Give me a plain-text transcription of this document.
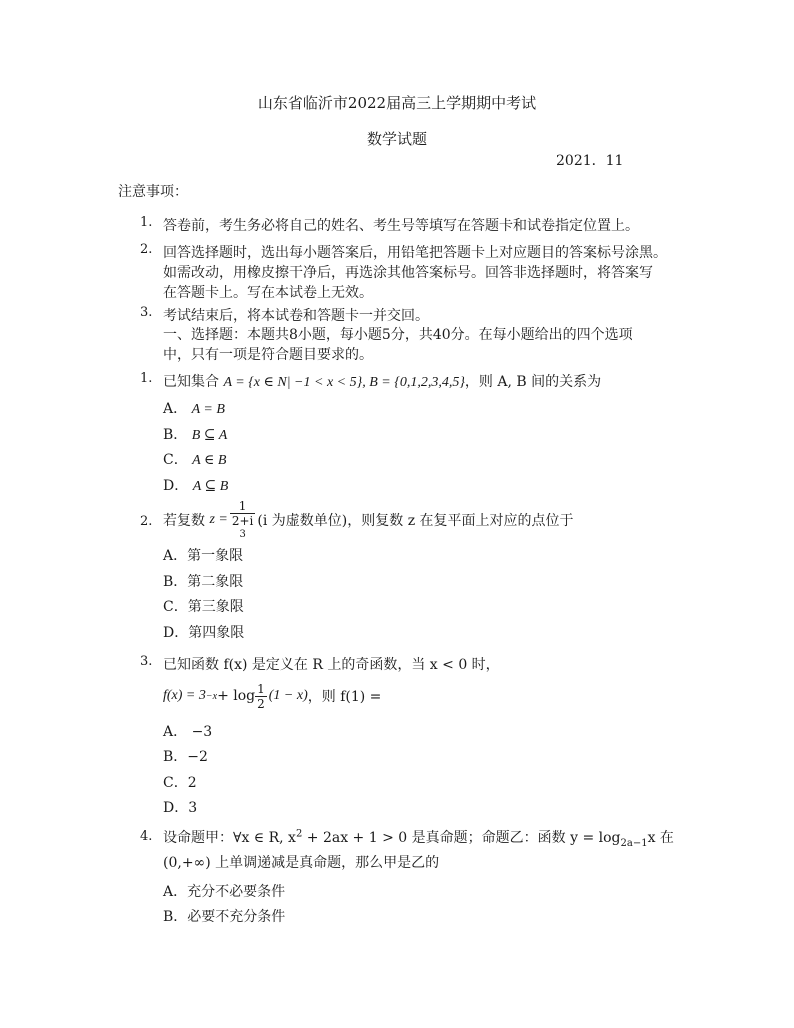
山东省临沂市2022届高三上学期期中考试
数学试题
2021．11
注意事项：
1. 答卷前，考生务必将自己的姓名、考生号等填写在答题卡和试卷指定位置上。
2. 回答选择题时，选出每小题答案后，用铅笔把答题卡上对应题目的答案标号涂黑。
如需改动，用橡皮擦干净后，再选涂其他答案标号。回答非选择题时，将答案写
在答题卡上。写在本试卷上无效。
3. 考试结束后，将本试卷和答题卡一并交回。
一、选择题：本题共8小题，每小题5分，共40分。在每小题给出的四个选项
中，只有一项是符合题目要求的。
1. 已知集合 A = {x ∈ N| −1 < x < 5}, B = {0,1,2,3,4,5}，则 A, B 间的关系为
A． A = B
B． B ⊆ A
C． A ∈ B
D． A ⊆ B
2. 若复数
z = 1
2+i
3 (i 为虚数单位)，则复数 z 在复平面上对应的点位于
A．第一象限
B．第二象限
C．第三象限
D．第四象限
3. 已知函数 f(x) 是定义在 R 上的奇函数，当 x < 0 时，
$f(x) = 3 -x + \log \frac{1}{2} (1 - x)$ ，则 f(1) =
A． −3
B．−2
C．2
D．3
4. 设命题甲：∀x ∈ R, $x^2 + 2ax + 1 > 0$ 是真命题；命题乙：函数 $y = \log_{2a-1}x$ 在
(0,+∞) 上单调递减是真命题，那么甲是乙的
A．充分不必要条件
B．必要不充分条件
